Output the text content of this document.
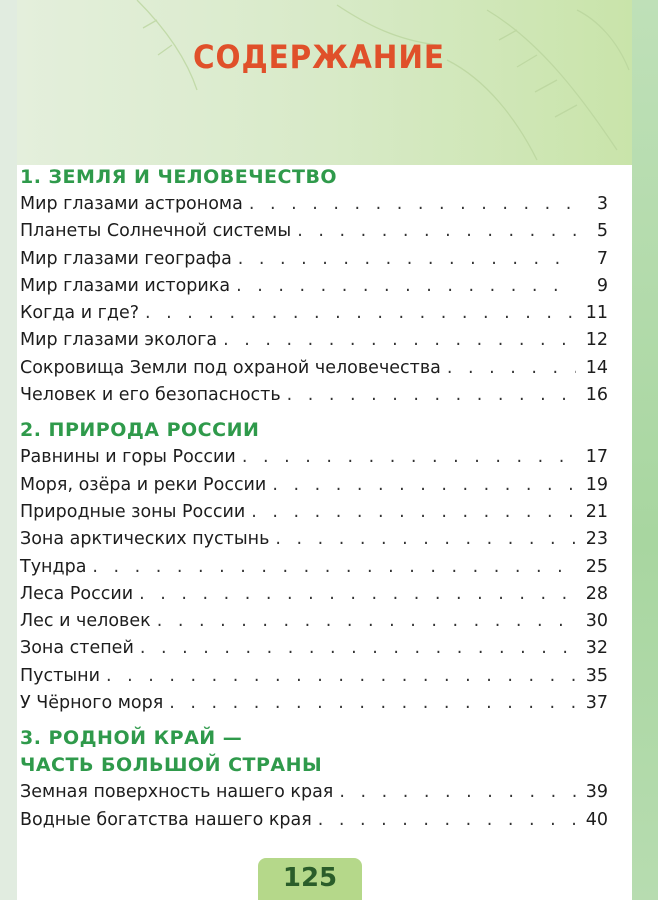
СОДЕРЖАНИЕ
1. ЗЕМЛЯ И ЧЕЛОВЕЧЕСТВО
Мир глазами астронома . . .	3
Планеты Солнечной системы . . .	5
Мир глазами географа . . .	7
Мир глазами историка . . .	9
Когда и где? . . .	11
Мир глазами эколога . . .	12
Сокровища Земли под охраной человечества . . .	14
Человек и его безопасность . . .	16
2. ПРИРОДА РОССИИ
Равнины и горы России . . .	17
Моря, озёра и реки России . . .	19
Природные зоны России . . .	21
Зона арктических пустынь . . .	23
Тундра . . .	25
Леса России . . .	28
Лес и человек . . .	30
Зона степей . . .	32
Пустыни . . .	35
У Чёрного моря . . .	37
3. РОДНОЙ КРАЙ —
ЧАСТЬ БОЛЬШОЙ СТРАНЫ
Земная поверхность нашего края . . .	39
Водные богатства нашего края . . .	40
125
